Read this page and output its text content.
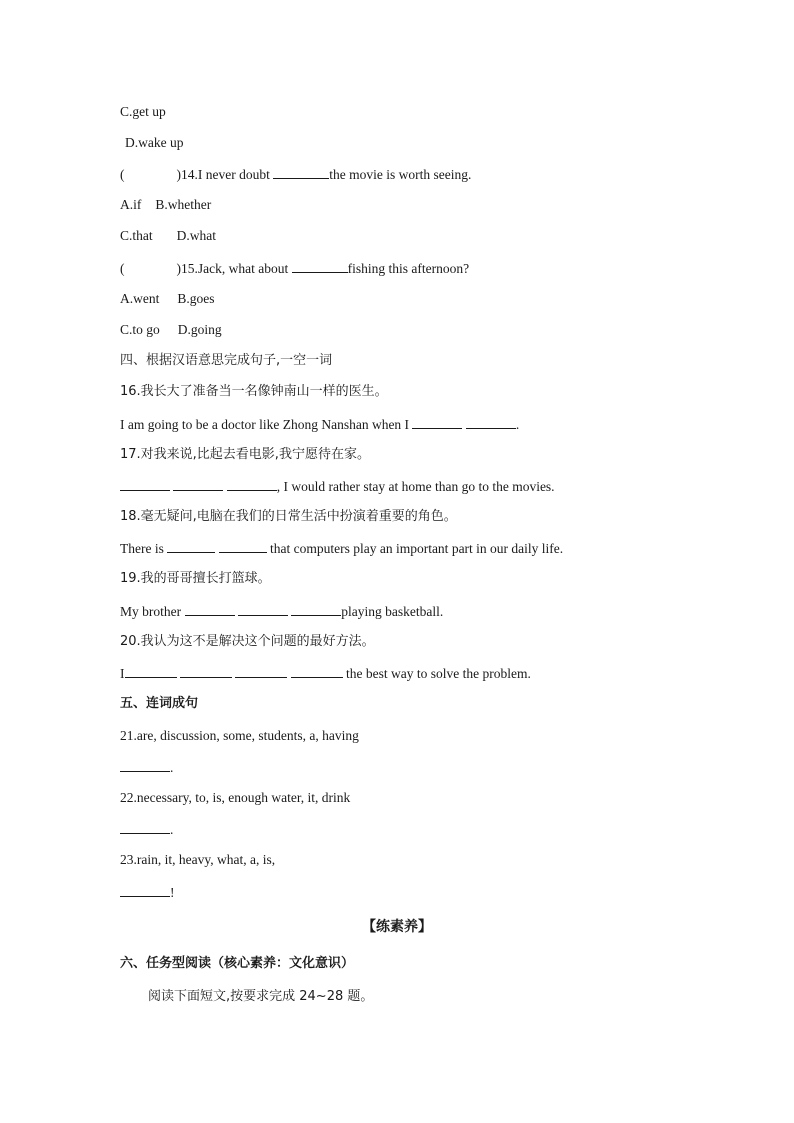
C.get up
D.wake up
(	)14.I never doubt	the movie is worth seeing.
A.if B.whether
C.that D.what
(	)15.Jack, what about	fishing this afternoon?
A.went B.goes
C.to go D.going
四、根据汉语意思完成句子,一空一词
16.我长大了准备当一名像钟南山一样的医生。
I am going to be a doctor like Zhong Nanshan when I	.
17.对我来说,比起去看电影,我宁愿待在家。
, I would rather stay at home than go to the movies.
18.毫无疑问,电脑在我们的日常生活中扮演着重要的角色。
There is	that computers play an important part in our daily life.
19.我的哥哥擅长打篮球。
My brother	playing basketball.
20.我认为这不是解决这个问题的最好方法。
I	the best way to solve the problem.
五、连词成句
21.are, discussion, some, students, a, having
.
22.necessary, to, is, enough water, it, drink
.
23.rain, it, heavy, what, a, is,
!
【练素养】
六、任务型阅读（核心素养：文化意识）
阅读下面短文,按要求完成 24~28 题。
